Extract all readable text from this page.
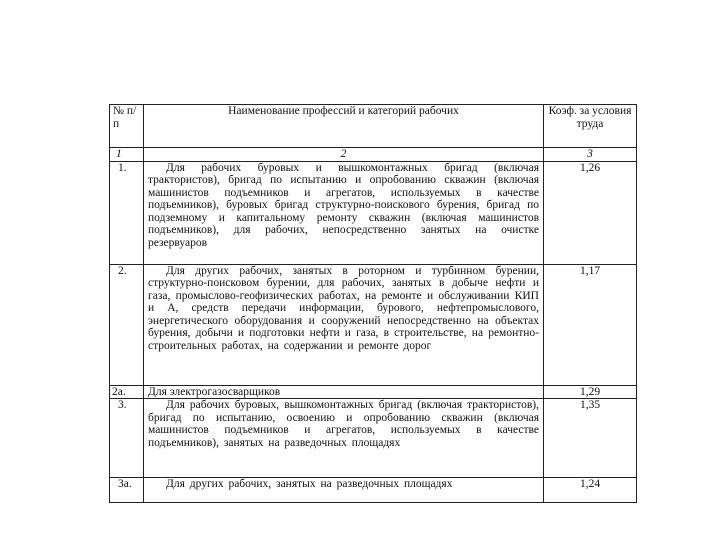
№ п/п	Наименование профессий и категорий рабочих	Коэф. за условия труда
1	2	3
1.	Для рабочих буровых и вышкомонтажных бригад (включая трактористов), бригад по испытанию и опробованию скважин (включая машинистов подъемников и агрегатов, используемых в качестве подъемников), буровых бригад структурно-поискового бурения, бригад по подземному и капитальному ремонту скважин (включая машинистов подъемников), для рабочих, непосредственно занятых на очистке резервуаров	1,26
2.	Для других рабочих, занятых в роторном и турбинном бурении, структурно-поисковом бурении, для рабочих, занятых в добыче нефти и газа, промыслово-геофизических работах, на ремонте и обслуживании КИП и А, средств передачи информации, бурового, нефтепромыслового, энергетического оборудования и сооружений непосредственно на объектах бурения, добычи и подготовки нефти и газа, в строительстве, на ремонтно-строительных работах, на содержании и ремонте дорог	1,17
2а.	Для электрогазосварщиков	1,29
3.	Для рабочих буровых, вышкомонтажных бригад (включая трактористов), бригад по испытанию, освоению и опробованию скважин (включая машинистов подъемников и агрегатов, используемых в качестве подъемников), занятых на разведочных площадях	1,35
3а.	Для других рабочих, занятых на разведочных площадях	1,24
